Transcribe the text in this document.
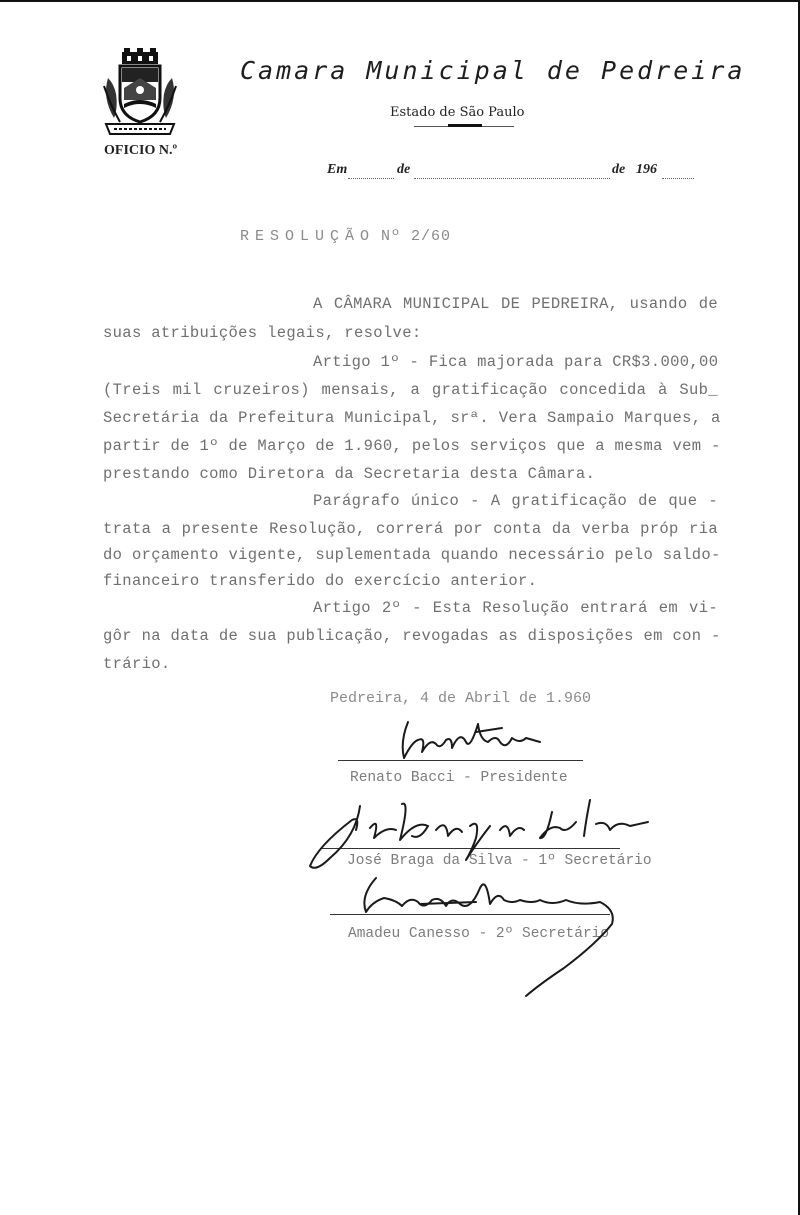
Camara Municipal de Pedreira
Estado de São Paulo
OFICIO N.º
Em	de	de 196
RESOLUÇÃO Nº 2/60
A CÂMARA MUNICIPAL DE PEDREIRA, usando de
suas atribuições legais, resolve:
Artigo 1º - Fica majorada para CR$3.000,00
(Treis mil cruzeiros) mensais, a gratificação concedida à Sub_
Secretária da Prefeitura Municipal, srª. Vera Sampaio Marques, a
partir de 1º de Março de 1.960, pelos serviços que a mesma vem -
prestando como Diretora da Secretaria desta Câmara.
Parágrafo único - A gratificação de que -
trata a presente Resolução, correrá por conta da verba próp ria
do orçamento vigente, suplementada quando necessário pelo saldo-
financeiro transferido do exercício anterior.
Artigo 2º - Esta Resolução entrará em vi-
gôr na data de sua publicação, revogadas as disposições em con -
trário.
Pedreira, 4 de Abril de 1.960
Renato Bacci - Presidente
José Braga da Silva - 1º Secretário
Amadeu Canesso - 2º Secretário
